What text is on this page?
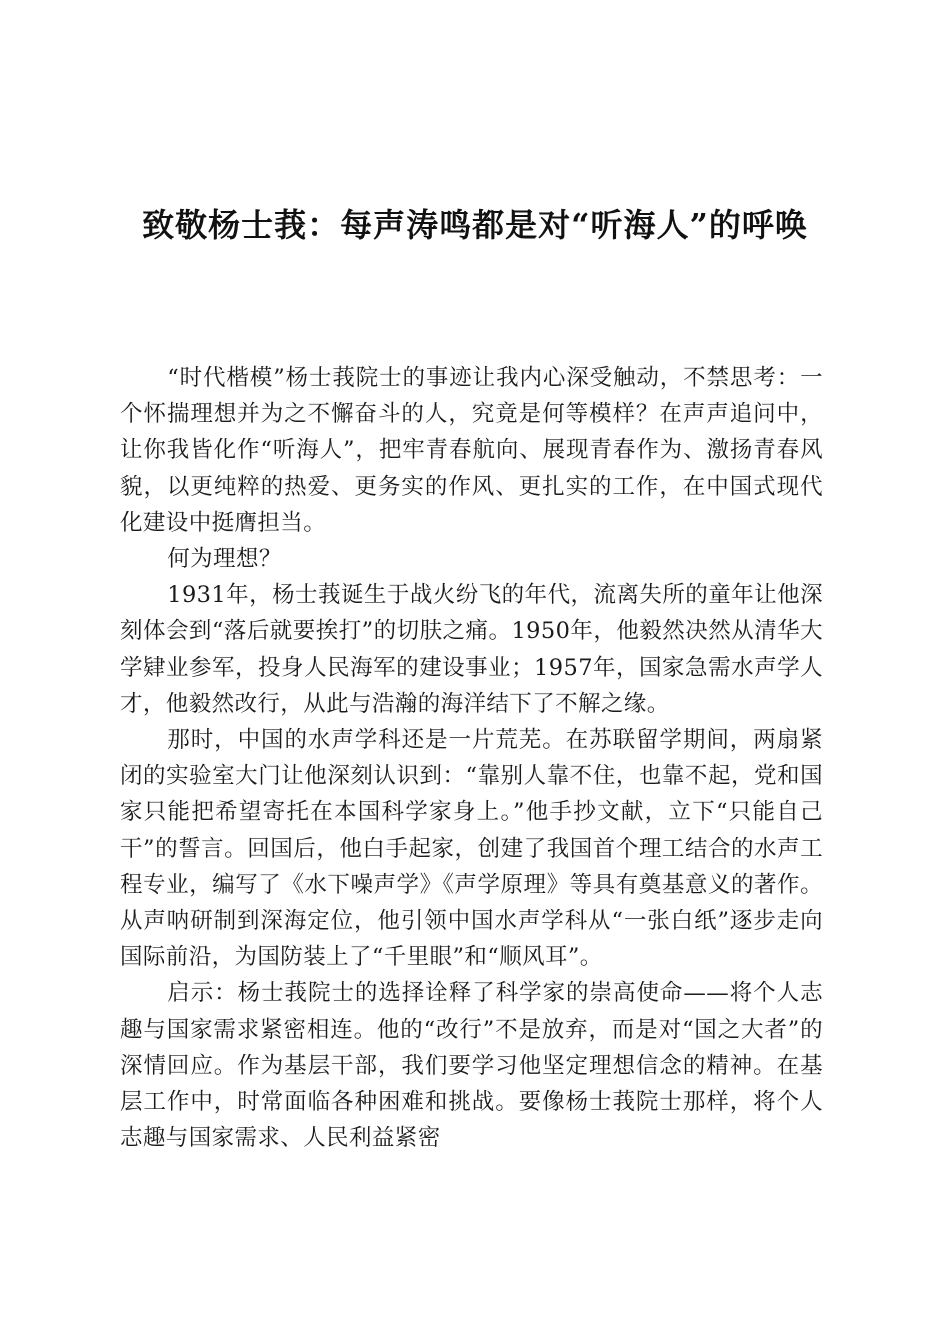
致敬杨士莪：每声涛鸣都是对“听海人”的呼唤

“时代楷模”杨士莪院士的事迹让我内心深受触动，不禁思考：一个怀揣理想并为之不懈奋斗的人，究竟是何等模样？在声声追问中，让你我皆化作“听海人”，把牢青春航向、展现青春作为、激扬青春风貌，以更纯粹的热爱、更务实的作风、更扎实的工作，在中国式现代化建设中挺膺担当。

何为理想？

1931年，杨士莪诞生于战火纷飞的年代，流离失所的童年让他深刻体会到“落后就要挨打”的切肤之痛。1950年，他毅然决然从清华大学肄业参军，投身人民海军的建设事业；1957年，国家急需水声学人才，他毅然改行，从此与浩瀚的海洋结下了不解之缘。

那时，中国的水声学科还是一片荒芜。在苏联留学期间，两扇紧闭的实验室大门让他深刻认识到：“靠别人靠不住，也靠不起，党和国家只能把希望寄托在本国科学家身上。”他手抄文献，立下“只能自己干”的誓言。回国后，他白手起家，创建了我国首个理工结合的水声工程专业，编写了《水下噪声学》《声学原理》等具有奠基意义的著作。从声呐研制到深海定位，他引领中国水声学科从“一张白纸”逐步走向国际前沿，为国防装上了“千里眼”和“顺风耳”。

启示：杨士莪院士的选择诠释了科学家的崇高使命——将个人志趣与国家需求紧密相连。他的“改行”不是放弃，而是对“国之大者”的深情回应。作为基层干部，我们要学习他坚定理想信念的精神。在基层工作中，时常面临各种困难和挑战。要像杨士莪院士那样，将个人志趣与国家需求、人民利益紧密
